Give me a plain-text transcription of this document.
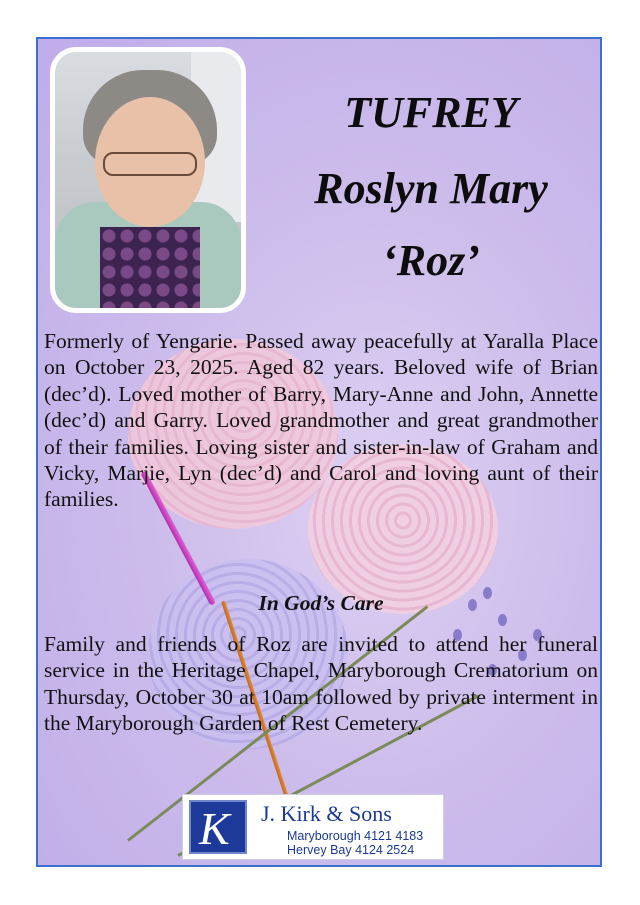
TUFREY
Roslyn Mary
‘Roz’
Formerly of Yengarie. Passed away peacefully at Yaralla Place on October 23, 2025. Aged 82 years. Beloved wife of Brian (dec’d). Loved mother of Barry, Mary-Anne and John, Annette (dec’d) and Garry. Loved grandmother and great grandmother of their families. Loving sister and sister-in-law of Graham and Vicky, Marjie, Lyn (dec’d) and Carol and loving aunt of their families.
In God’s Care
Family and friends of Roz are invited to attend her funeral service in the Heritage Chapel, Maryborough Crematorium on Thursday, October 30 at 10am followed by private interment in the Maryborough Garden of Rest Cemetery.
K J. Kirk & Sons
Maryborough 4121 4183
Hervey Bay 4124 2524
